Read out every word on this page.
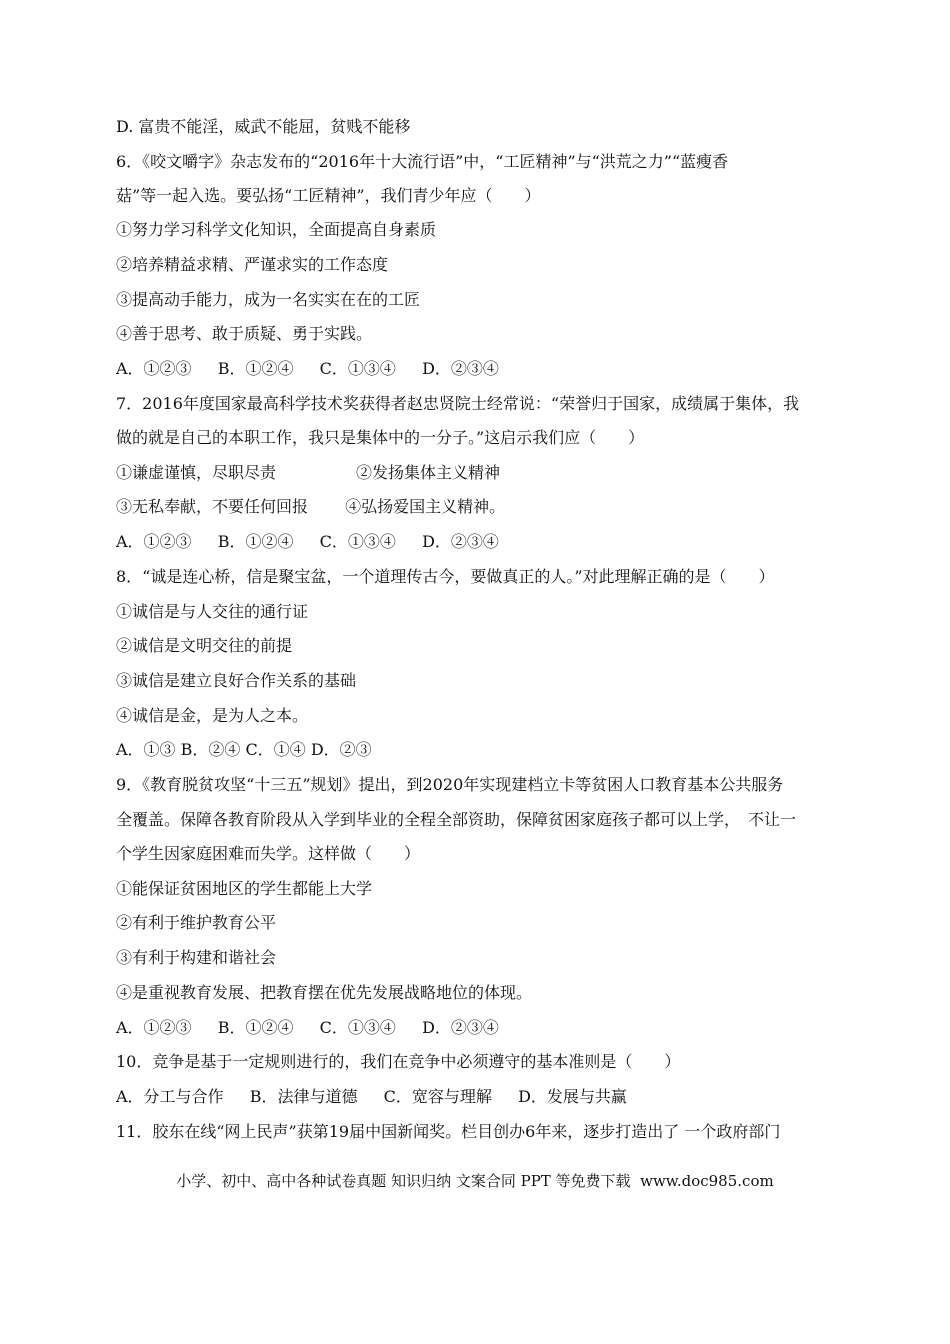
D. 富贵不能淫，威武不能屈，贫贱不能移
6．《咬文嚼字》杂志发布的“2016年十大流行语”中，“工匠精神”与“洪荒之力”“蓝瘦香
菇”等一起入选。要弘扬“工匠精神”，我们青少年应（　　）
①努力学习科学文化知识，全面提高自身素质
②培养精益求精、严谨求实的工作态度
③提高动手能力，成为一名实实在在的工匠
④善于思考、敢于质疑、勇于实践。
A．①②③　  B．①②④　  C．①③④　  D．②③④
7．2016年度国家最高科学技术奖获得者赵忠贤院士经常说：“荣誉归于国家，成绩属于集体，我
做的就是自己的本职工作，我只是集体中的一分子。”这启示我们应（　　）
①谦虚谨慎，尽职尽责　　　　　②发扬集体主义精神
③无私奉献，不要任何回报　　 ④弘扬爱国主义精神。
A．①②③　  B．①②④　  C．①③④　  D．②③④
8．“诚是连心桥，信是聚宝盆，一个道理传古今，要做真正的人。”对此理解正确的是（　　）
①诚信是与人交往的通行证
②诚信是文明交往的前提
③诚信是建立良好合作关系的基础
④诚信是金，是为人之本。
A．①③ B．②④ C．①④ D．②③
9．《教育脱贫攻坚“十三五”规划》提出，到2020年实现建档立卡等贫困人口教育基本公共服务
全覆盖。保障各教育阶段从入学到毕业的全程全部资助，保障贫困家庭孩子都可以上学，　不让一
个学生因家庭困难而失学。这样做（　　）
①能保证贫困地区的学生都能上大学
②有利于维护教育公平
③有利于构建和谐社会
④是重视教育发展、把教育摆在优先发展战略地位的体现。
A．①②③　  B．①②④　  C．①③④　  D．②③④
10．竞争是基于一定规则进行的，我们在竞争中必须遵守的基本准则是（　　）
A．分工与合作　  B．法律与道德　  C．宽容与理解　  D．发展与共赢
11．胶东在线“网上民声”获第19届中国新闻奖。栏目创办6年来，逐步打造出了 一个政府部门
小学、初中、高中各种试卷真题 知识归纳 文案合同 PPT 等免费下载  www.doc985.com
